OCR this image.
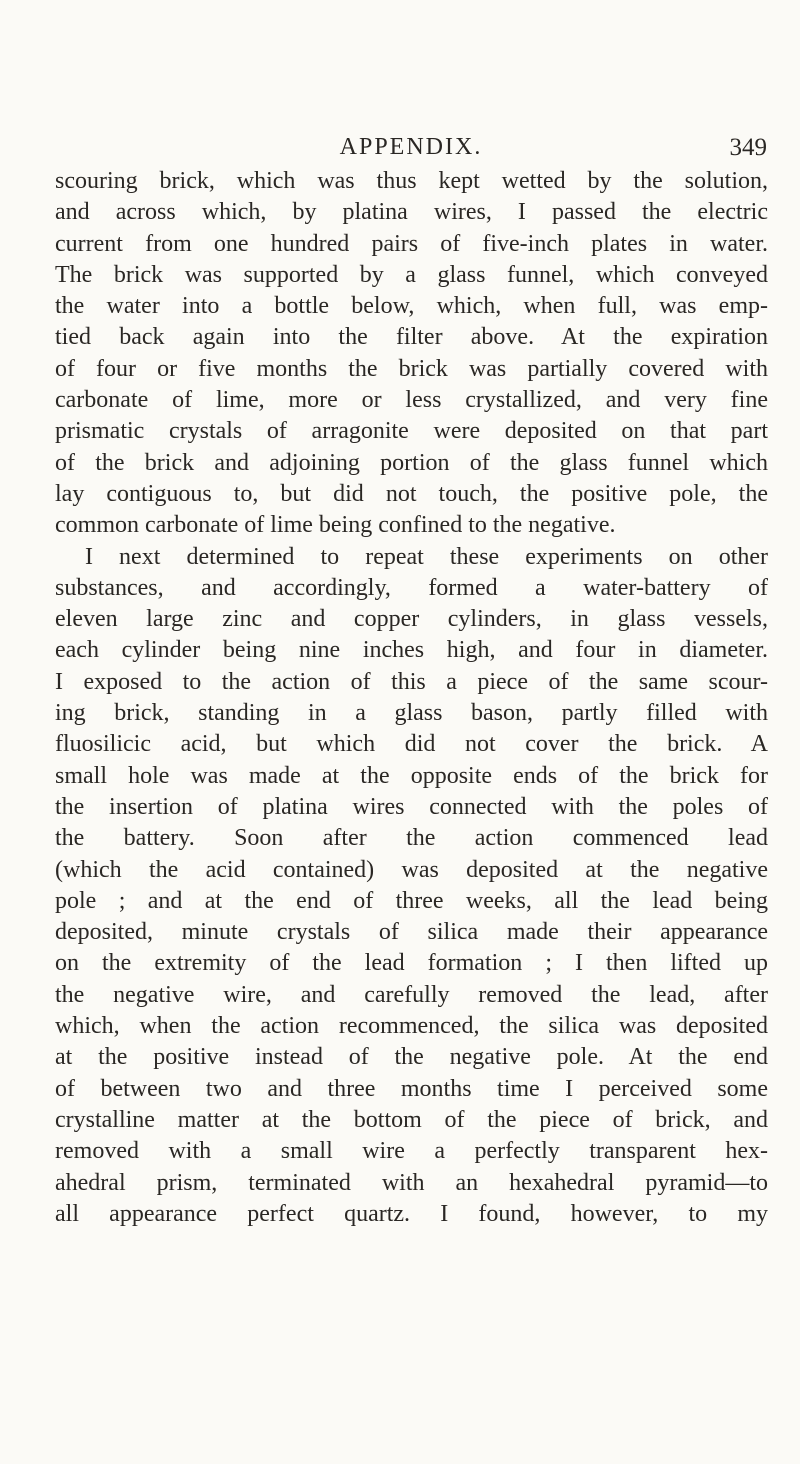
APPENDIX.	349
scouring brick, which was thus kept wetted by the solution,
and across which, by platina wires, I passed the electric
current from one hundred pairs of five-inch plates in water.
The brick was supported by a glass funnel, which conveyed
the water into a bottle below, which, when full, was emp-
tied back again into the filter above. At the expiration
of four or five months the brick was partially covered with
carbonate of lime, more or less crystallized, and very fine
prismatic crystals of arragonite were deposited on that part
of the brick and adjoining portion of the glass funnel which
lay contiguous to, but did not touch, the positive pole, the
common carbonate of lime being confined to the negative.
I next determined to repeat these experiments on other
substances, and accordingly, formed a water-battery of
eleven large zinc and copper cylinders, in glass vessels,
each cylinder being nine inches high, and four in diameter.
I exposed to the action of this a piece of the same scour-
ing brick, standing in a glass bason, partly filled with
fluosilicic acid, but which did not cover the brick. A
small hole was made at the opposite ends of the brick for
the insertion of platina wires connected with the poles of
the battery. Soon after the action commenced lead
(which the acid contained) was deposited at the negative
pole ; and at the end of three weeks, all the lead being
deposited, minute crystals of silica made their appearance
on the extremity of the lead formation ; I then lifted up
the negative wire, and carefully removed the lead, after
which, when the action recommenced, the silica was deposited
at the positive instead of the negative pole. At the end
of between two and three months time I perceived some
crystalline matter at the bottom of the piece of brick, and
removed with a small wire a perfectly transparent hex-
ahedral prism, terminated with an hexahedral pyramid—to
all appearance perfect quartz. I found, however, to my
